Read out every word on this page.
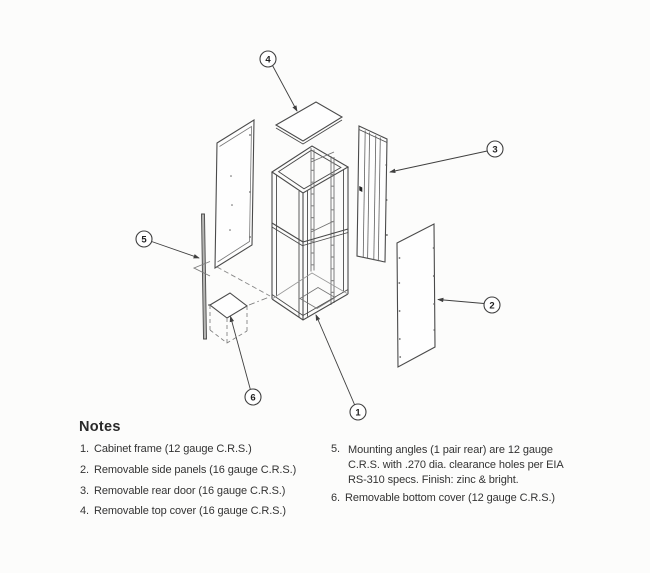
4
3
2
5
6
1
Notes
1. Cabinet frame (12 gauge C.R.S.)
2. Removable side panels (16 gauge C.R.S.)
3. Removable rear door (16 gauge C.R.S.)
4. Removable top cover (16 gauge C.R.S.)
5. Mounting angles (1 pair rear) are 12 gauge
C.R.S. with .270 dia. clearance holes per EIA
RS-310 specs. Finish: zinc & bright.
6. Removable bottom cover (12 gauge C.R.S.)
